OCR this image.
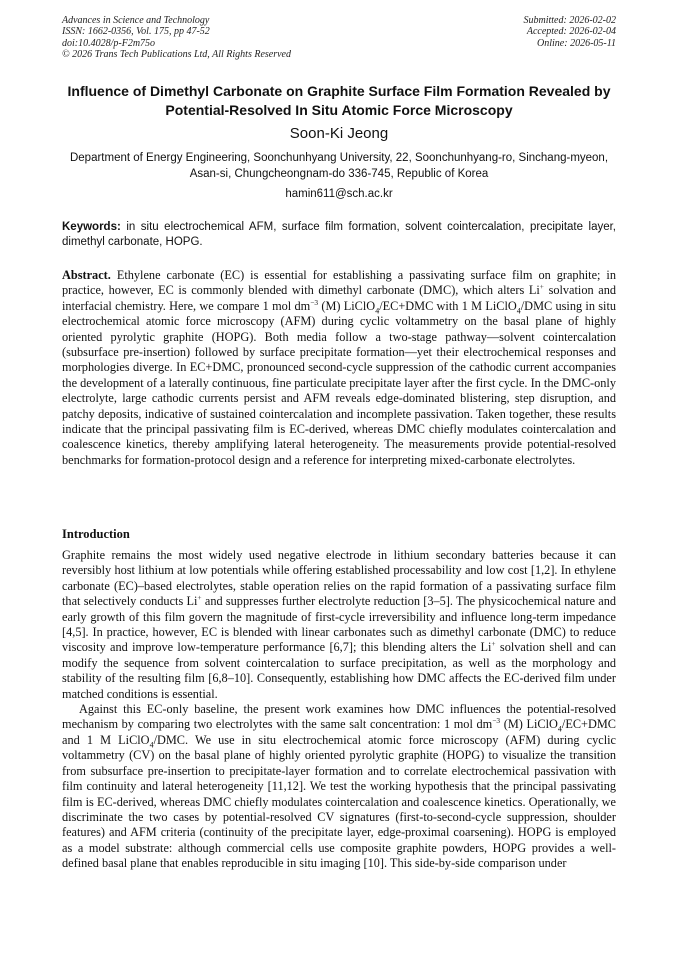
Advances in Science and Technology
ISSN: 1662-0356, Vol. 175, pp 47-52
doi:10.4028/p-F2m75o
© 2026 Trans Tech Publications Ltd, All Rights Reserved
Submitted: 2026-02-02
Accepted: 2026-02-04
Online: 2026-05-11
Influence of Dimethyl Carbonate on Graphite Surface Film Formation Revealed by Potential-Resolved In Situ Atomic Force Microscopy
Soon-Ki Jeong
Department of Energy Engineering, Soonchunhyang University, 22, Soonchunhyang-ro, Sinchang-myeon, Asan-si, Chungcheongnam-do 336-745, Republic of Korea
hamin611@sch.ac.kr
Keywords: in situ electrochemical AFM, surface film formation, solvent cointercalation, precipitate layer, dimethyl carbonate, HOPG.

Abstract. Ethylene carbonate (EC) is essential for establishing a passivating surface film on graphite; in practice, however, EC is commonly blended with dimethyl carbonate (DMC), which alters Li+ solvation and interfacial chemistry. Here, we compare 1 mol $dm^{-3}$ (M) LiClO$_4$/EC+DMC with 1 M LiClO$_4$/DMC using in situ electrochemical atomic force microscopy (AFM) during cyclic voltammetry on the basal plane of highly oriented pyrolytic graphite (HOPG). Both media follow a two-stage pathway—solvent cointercalation (subsurface pre-insertion) followed by surface precipitate formation—yet their electrochemical responses and morphologies diverge. In EC+DMC, pronounced second-cycle suppression of the cathodic current accompanies the development of a laterally continuous, fine particulate precipitate layer after the first cycle. In the DMC-only electrolyte, large cathodic currents persist and AFM reveals edge-dominated blistering, step disruption, and patchy deposits, indicative of sustained cointercalation and incomplete passivation. Taken together, these results indicate that the principal passivating film is EC-derived, whereas DMC chiefly modulates cointercalation and coalescence kinetics, thereby amplifying lateral heterogeneity. The measurements provide potential-resolved benchmarks for formation-protocol design and a reference for interpreting mixed-carbonate electrolytes.

Introduction

Graphite remains the most widely used negative electrode in lithium secondary batteries because it can reversibly host lithium at low potentials while offering established processability and low cost [1,2]. In ethylene carbonate (EC)–based electrolytes, stable operation relies on the rapid formation of a passivating surface film that selectively conducts Li+ and suppresses further electrolyte reduction [3–5]. The physicochemical nature and early growth of this film govern the magnitude of first-cycle irreversibility and influence long-term impedance [4,5]. In practice, however, EC is blended with linear carbonates such as dimethyl carbonate (DMC) to reduce viscosity and improve low-temperature performance [6,7]; this blending alters the Li+ solvation shell and can modify the sequence from solvent cointercalation to surface precipitation, as well as the morphology and stability of the resulting film [6,8–10]. Consequently, establishing how DMC affects the EC-derived film under matched conditions is essential.

Against this EC-only baseline, the present work examines how DMC influences the potential-resolved mechanism by comparing two electrolytes with the same salt concentration: 1 mol $dm^{-3}$ (M) LiClO$_4$/EC+DMC and 1 M LiClO$_4$/DMC. We use in situ electrochemical atomic force microscopy (AFM) during cyclic voltammetry (CV) on the basal plane of highly oriented pyrolytic graphite (HOPG) to visualize the transition from subsurface pre-insertion to precipitate-layer formation and to correlate electrochemical passivation with film continuity and lateral heterogeneity [11,12]. We test the working hypothesis that the principal passivating film is EC-derived, whereas DMC chiefly modulates cointercalation and coalescence kinetics. Operationally, we discriminate the two cases by potential-resolved CV signatures (first-to-second-cycle suppression, shoulder features) and AFM criteria (continuity of the precipitate layer, edge-proximal coarsening). HOPG is employed as a model substrate: although commercial cells use composite graphite powders, HOPG provides a well-defined basal plane that enables reproducible in situ imaging [10]. This side-by-side comparison under
